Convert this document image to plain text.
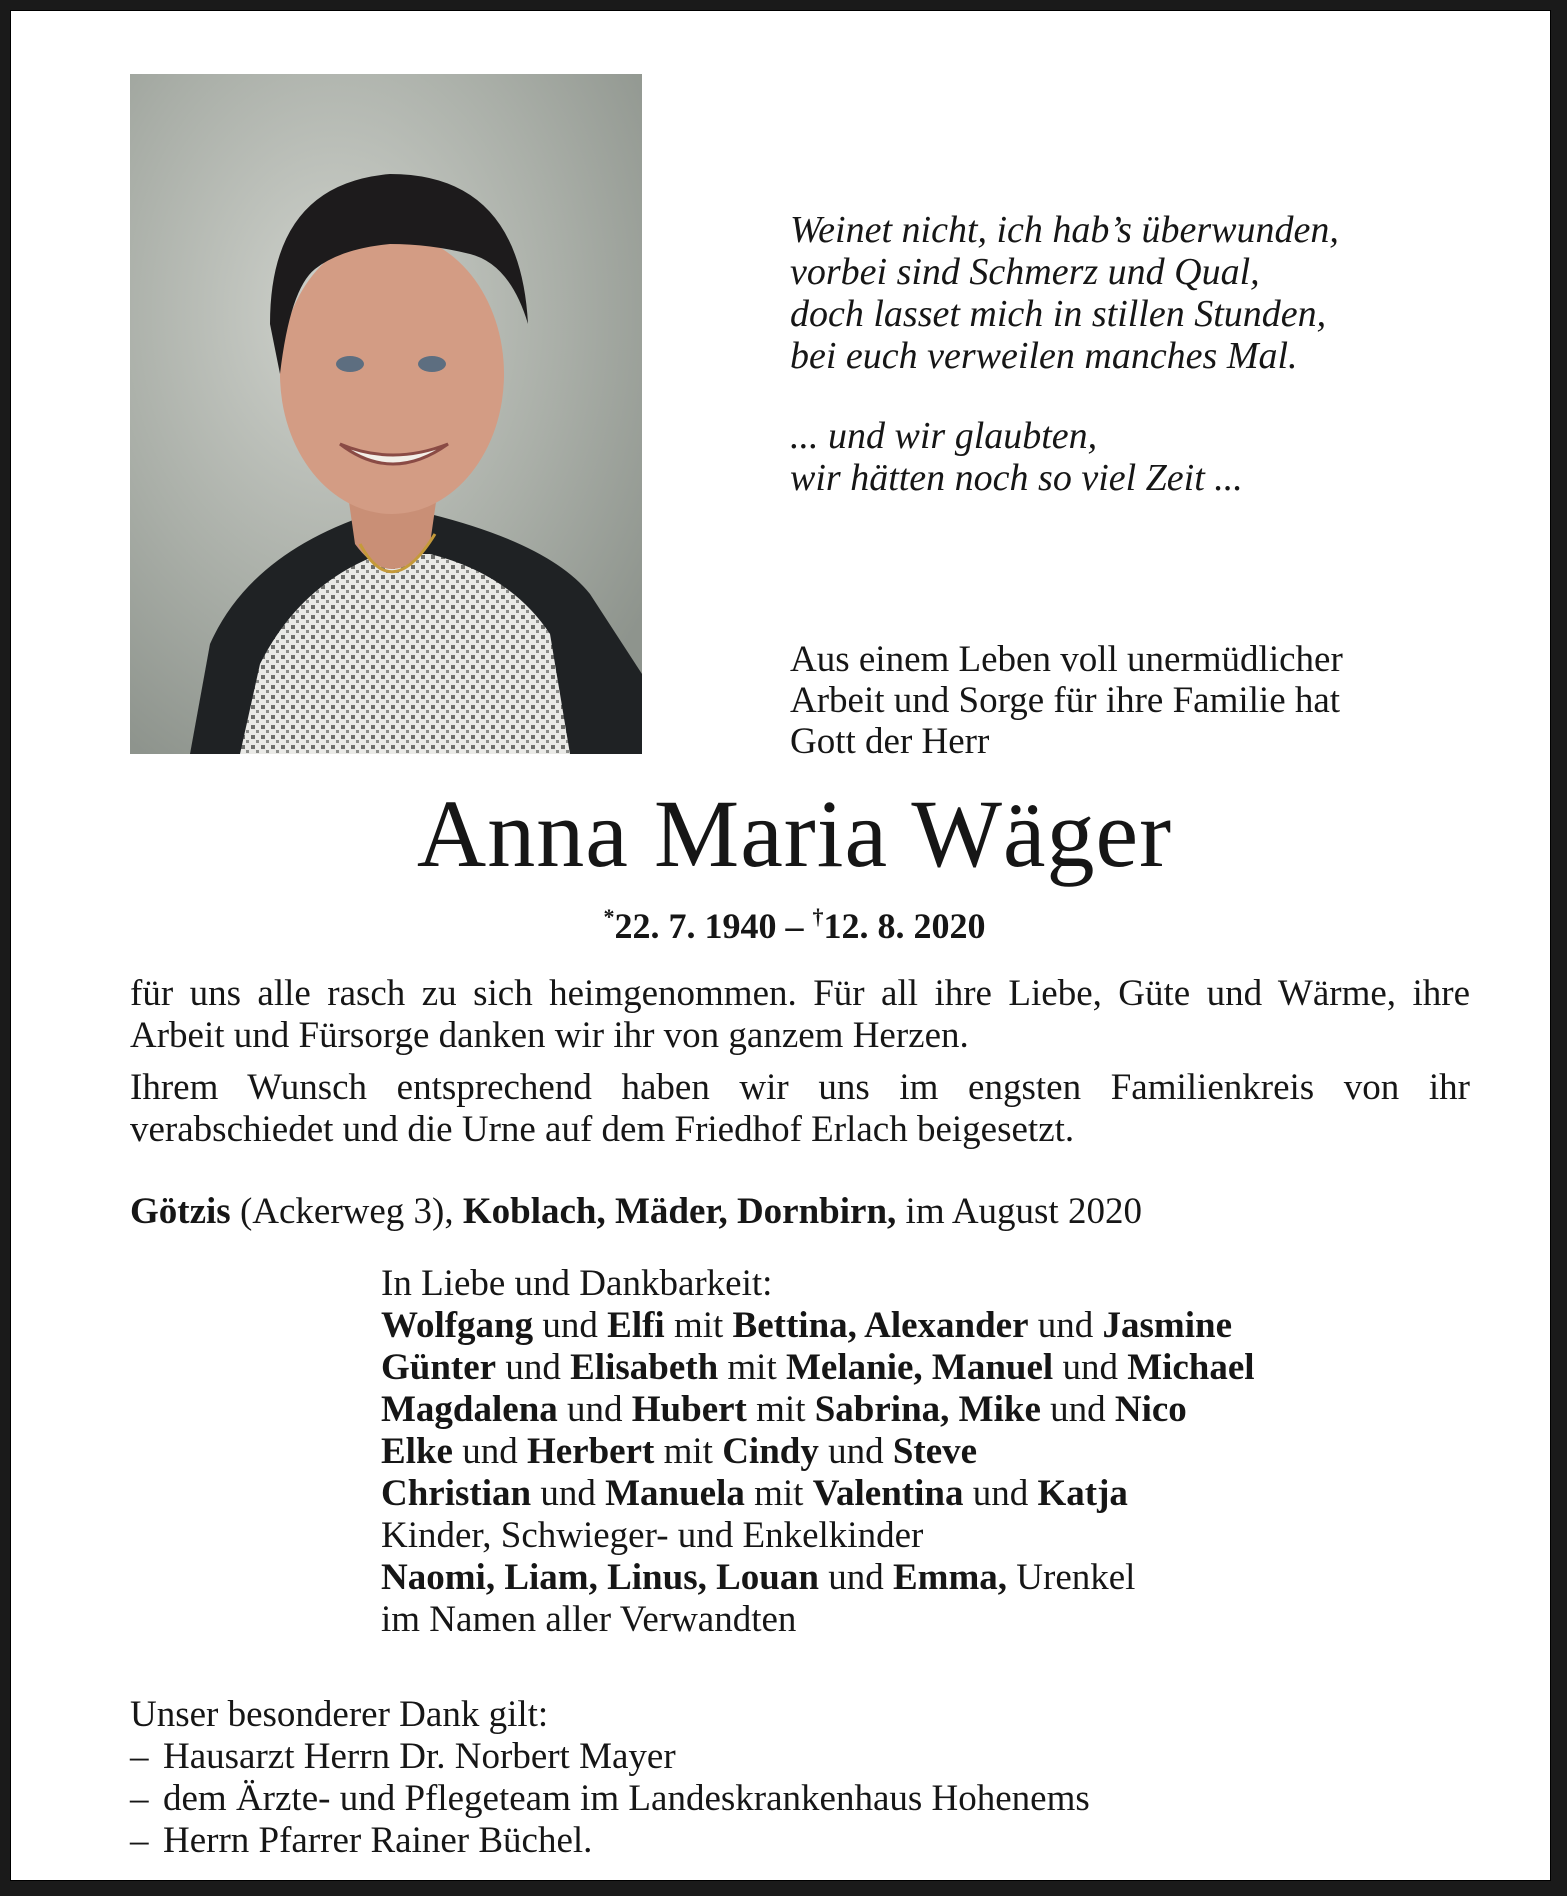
Weinet nicht, ich hab’s überwunden,
vorbei sind Schmerz und Qual,
doch lasset mich in stillen Stunden,
bei euch verweilen manches Mal.
... und wir glaubten,
wir hätten noch so viel Zeit ...
Aus einem Leben voll unermüdlicher
Arbeit und Sorge für ihre Familie hat
Gott der Herr
Anna Maria Wäger
*22. 7. 1940 – †12. 8. 2020

für uns alle rasch zu sich heimgenommen. Für all ihre Liebe, Güte und Wärme, ihre Arbeit und Fürsorge danken wir ihr von ganzem Herzen.

Ihrem Wunsch entsprechend haben wir uns im engsten Familienkreis von ihr verabschiedet und die Urne auf dem Friedhof Erlach beigesetzt.

Götzis (Ackerweg 3), Koblach, Mäder, Dornbirn, im August 2020
In Liebe und Dankbarkeit:
Wolfgang und Elfi mit Bettina, Alexander und Jasmine
Günter und Elisabeth mit Melanie, Manuel und Michael
Magdalena und Hubert mit Sabrina, Mike und Nico
Elke und Herbert mit Cindy und Steve
Christian und Manuela mit Valentina und Katja
Kinder, Schwieger- und Enkelkinder
Naomi, Liam, Linus, Louan und Emma, Urenkel
im Namen aller Verwandten
Unser besonderer Dank gilt:
– Hausarzt Herrn Dr. Norbert Mayer
– dem Ärzte- und Pflegeteam im Landeskrankenhaus Hohenems
– Herrn Pfarrer Rainer Büchel.
